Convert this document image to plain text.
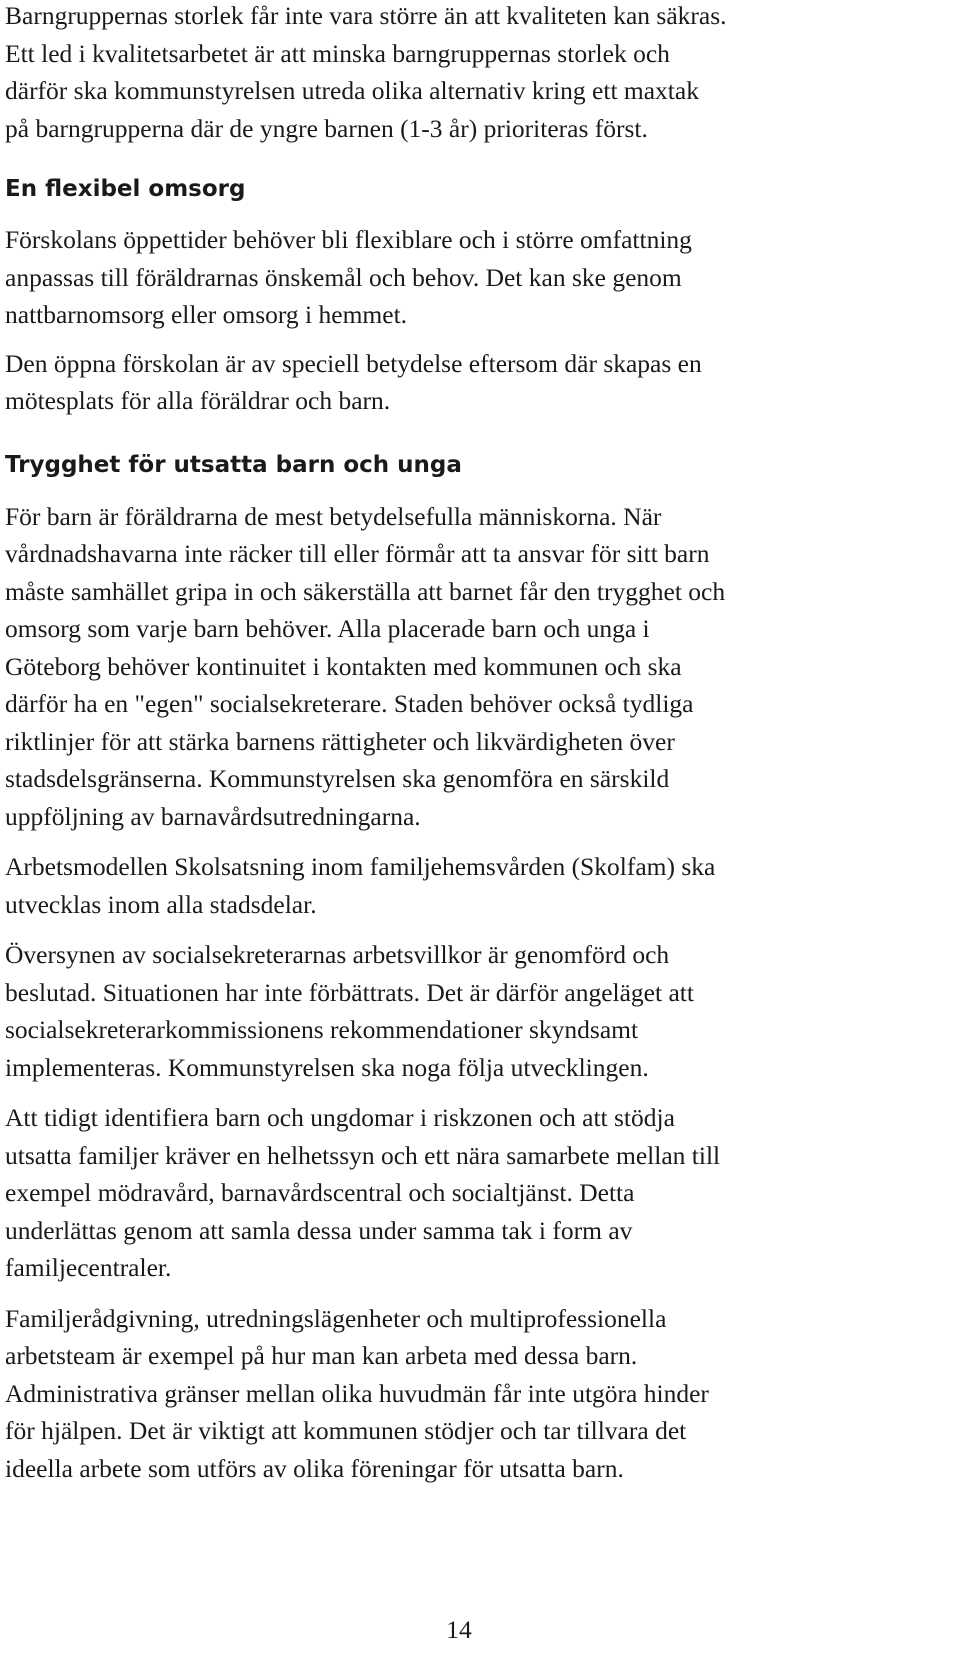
Barngruppernas storlek får inte vara större än att kvaliteten kan säkras.
Ett led i kvalitetsarbetet är att minska barngruppernas storlek och
därför ska kommunstyrelsen utreda olika alternativ kring ett maxtak
på barngrupperna där de yngre barnen (1-3 år) prioriteras först.

En flexibel omsorg

Förskolans öppettider behöver bli flexiblare och i större omfattning
anpassas till föräldrarnas önskemål och behov. Det kan ske genom
nattbarnomsorg eller omsorg i hemmet.

Den öppna förskolan är av speciell betydelse eftersom där skapas en
mötesplats för alla föräldrar och barn.

Trygghet för utsatta barn och unga

För barn är föräldrarna de mest betydelsefulla människorna. När
vårdnadshavarna inte räcker till eller förmår att ta ansvar för sitt barn
måste samhället gripa in och säkerställa att barnet får den trygghet och
omsorg som varje barn behöver. Alla placerade barn och unga i
Göteborg behöver kontinuitet i kontakten med kommunen och ska
därför ha en "egen" socialsekreterare. Staden behöver också tydliga
riktlinjer för att stärka barnens rättigheter och likvärdigheten över
stadsdelsgränserna. Kommunstyrelsen ska genomföra en särskild
uppföljning av barnavårdsutredningarna.

Arbetsmodellen Skolsatsning inom familjehemsvården (Skolfam) ska
utvecklas inom alla stadsdelar.

Översynen av socialsekreterarnas arbetsvillkor är genomförd och
beslutad. Situationen har inte förbättrats. Det är därför angeläget att
socialsekreterarkommissionens rekommendationer skyndsamt
implementeras. Kommunstyrelsen ska noga följa utvecklingen.

Att tidigt identifiera barn och ungdomar i riskzonen och att stödja
utsatta familjer kräver en helhetssyn och ett nära samarbete mellan till
exempel mödravård, barnavårdscentral och socialtjänst. Detta
underlättas genom att samla dessa under samma tak i form av
familjecentraler.

Familjerådgivning, utredningslägenheter och multiprofessionella
arbetsteam är exempel på hur man kan arbeta med dessa barn.
Administrativa gränser mellan olika huvudmän får inte utgöra hinder
för hjälpen. Det är viktigt att kommunen stödjer och tar tillvara det
ideella arbete som utförs av olika föreningar för utsatta barn.

14
